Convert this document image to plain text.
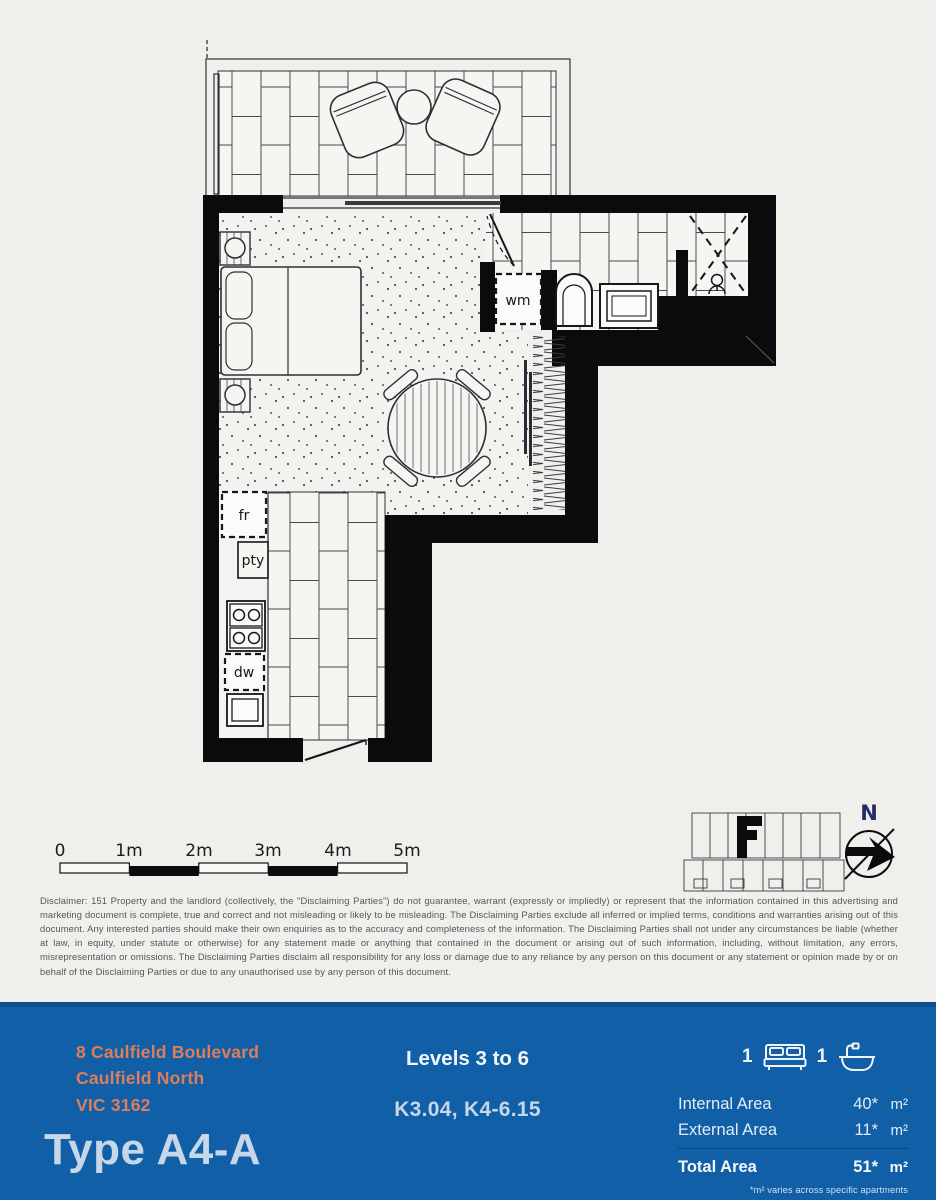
wm
fr
pty
dw
0	1m	2m 3m	4m 5m
N
Disclaimer: 151 Property and the landlord (collectively, the "Disclaiming Parties") do not guarantee, warrant (expressly or impliedly) or represent that the information contained in this advertising and marketing document is complete, true and correct and not misleading or likely to be misleading. The Disclaiming Parties exclude all inferred or implied terms, conditions and warranties arising out of this document. Any interested parties should make their own enquiries as to the accuracy and completeness of the information. The Disclaiming Parties shall not under any circumstances be liable (whether at law, in equity, under statute or otherwise) for any statement made or anything that contained in the document or arising out of such information, including, without limitation, any errors, misrepresentation or omissions. The Disclaiming Parties disclaim all responsibility for any loss or damage due to any reliance by any person on this document or any statement or opinion made by or on behalf of the Disclaiming Parties or due to any unauthorised use by any person of this document.
8 Caulfield Boulevard
Caulfield North
VIC 3162
Type A4-A
Levels 3 to 6
K3.04, K4-6.15
1	1
Internal Area	40* m²
External Area	11* m²
Total Area	51* m²
*m² varies across specific apartments
